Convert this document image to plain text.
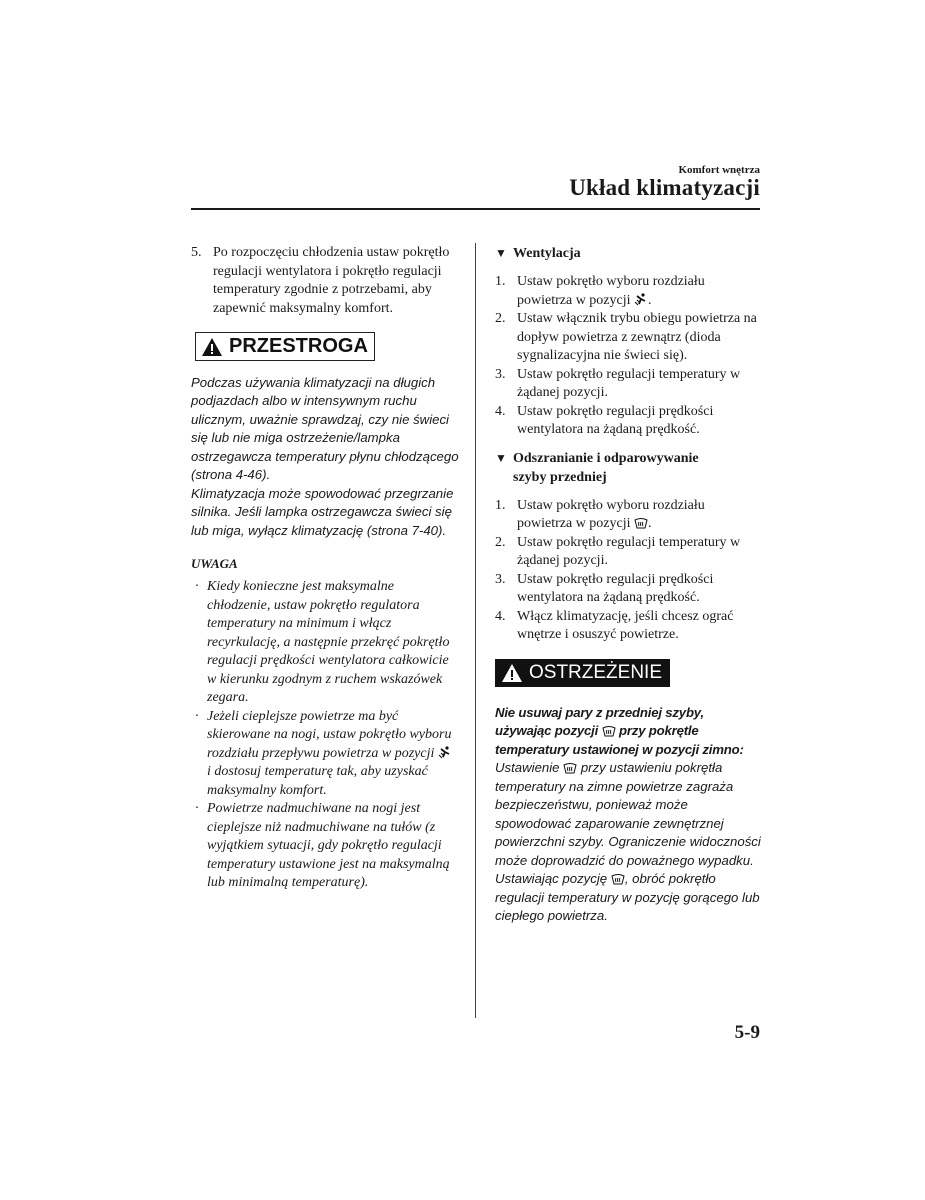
Komfort wnętrza
Układ klimatyzacji
5. Po rozpoczęciu chłodzenia ustaw pokrętło regulacji wentylatora i pokrętło regulacji temperatury zgodnie z potrzebami, aby zapewnić maksymalny komfort.
PRZESTROGA
Podczas używania klimatyzacji na długich podjazdach albo w intensywnym ruchu ulicznym, uważnie sprawdzaj, czy nie świeci się lub nie miga ostrzeżenie/lampka ostrzegawcza temperatury płynu chłodzącego (strona 4-46).
Klimatyzacja może spowodować przegrzanie silnika. Jeśli lampka ostrzegawcza świeci się lub miga, wyłącz klimatyzację (strona 7-40).
UWAGA
· Kiedy konieczne jest maksymalne chłodzenie, ustaw pokrętło regulatora temperatury na minimum i włącz recyrkulację, a następnie przekręć pokrętło regulacji prędkości wentylatora całkowicie w kierunku zgodnym z ruchem wskazówek zegara.
· Jeżeli cieplejsze powietrze ma być skierowane na nogi, ustaw pokrętło wyboru rozdziału przepływu powietrza w pozycji  i dostosuj temperaturę tak, aby uzyskać maksymalny komfort.
· Powietrze nadmuchiwane na nogi jest cieplejsze niż nadmuchiwane na tułów (z wyjątkiem sytuacji, gdy pokrętło regulacji temperatury ustawione jest na maksymalną lub minimalną temperaturę).
▼ Wentylacja
1. Ustaw pokrętło wyboru rozdziału powietrza w pozycji .
2. Ustaw włącznik trybu obiegu powietrza na dopływ powietrza z zewnątrz (dioda sygnalizacyjna nie świeci się).
3. Ustaw pokrętło regulacji temperatury w żądanej pozycji.
4. Ustaw pokrętło regulacji prędkości wentylatora na żądaną prędkość.
▼ Odszranianie i odparowywanie szyby przedniej
1. Ustaw pokrętło wyboru rozdziału powietrza w pozycji .
2. Ustaw pokrętło regulacji temperatury w żądanej pozycji.
3. Ustaw pokrętło regulacji prędkości wentylatora na żądaną prędkość.
4. Włącz klimatyzację, jeśli chcesz ograć wnętrze i osuszyć powietrze.
OSTRZEŻENIE
Nie usuwaj pary z przedniej szyby, używając pozycji  przy pokrętle temperatury ustawionej w pozycji zimno:
Ustawienie  przy ustawieniu pokrętła temperatury na zimne powietrze zagraża bezpieczeństwu, ponieważ może spowodować zaparowanie zewnętrznej powierzchni szyby. Ograniczenie widoczności może doprowadzić do poważnego wypadku. Ustawiając pozycję , obróć pokrętło regulacji temperatury w pozycję gorącego lub ciepłego powietrza.
5-9
